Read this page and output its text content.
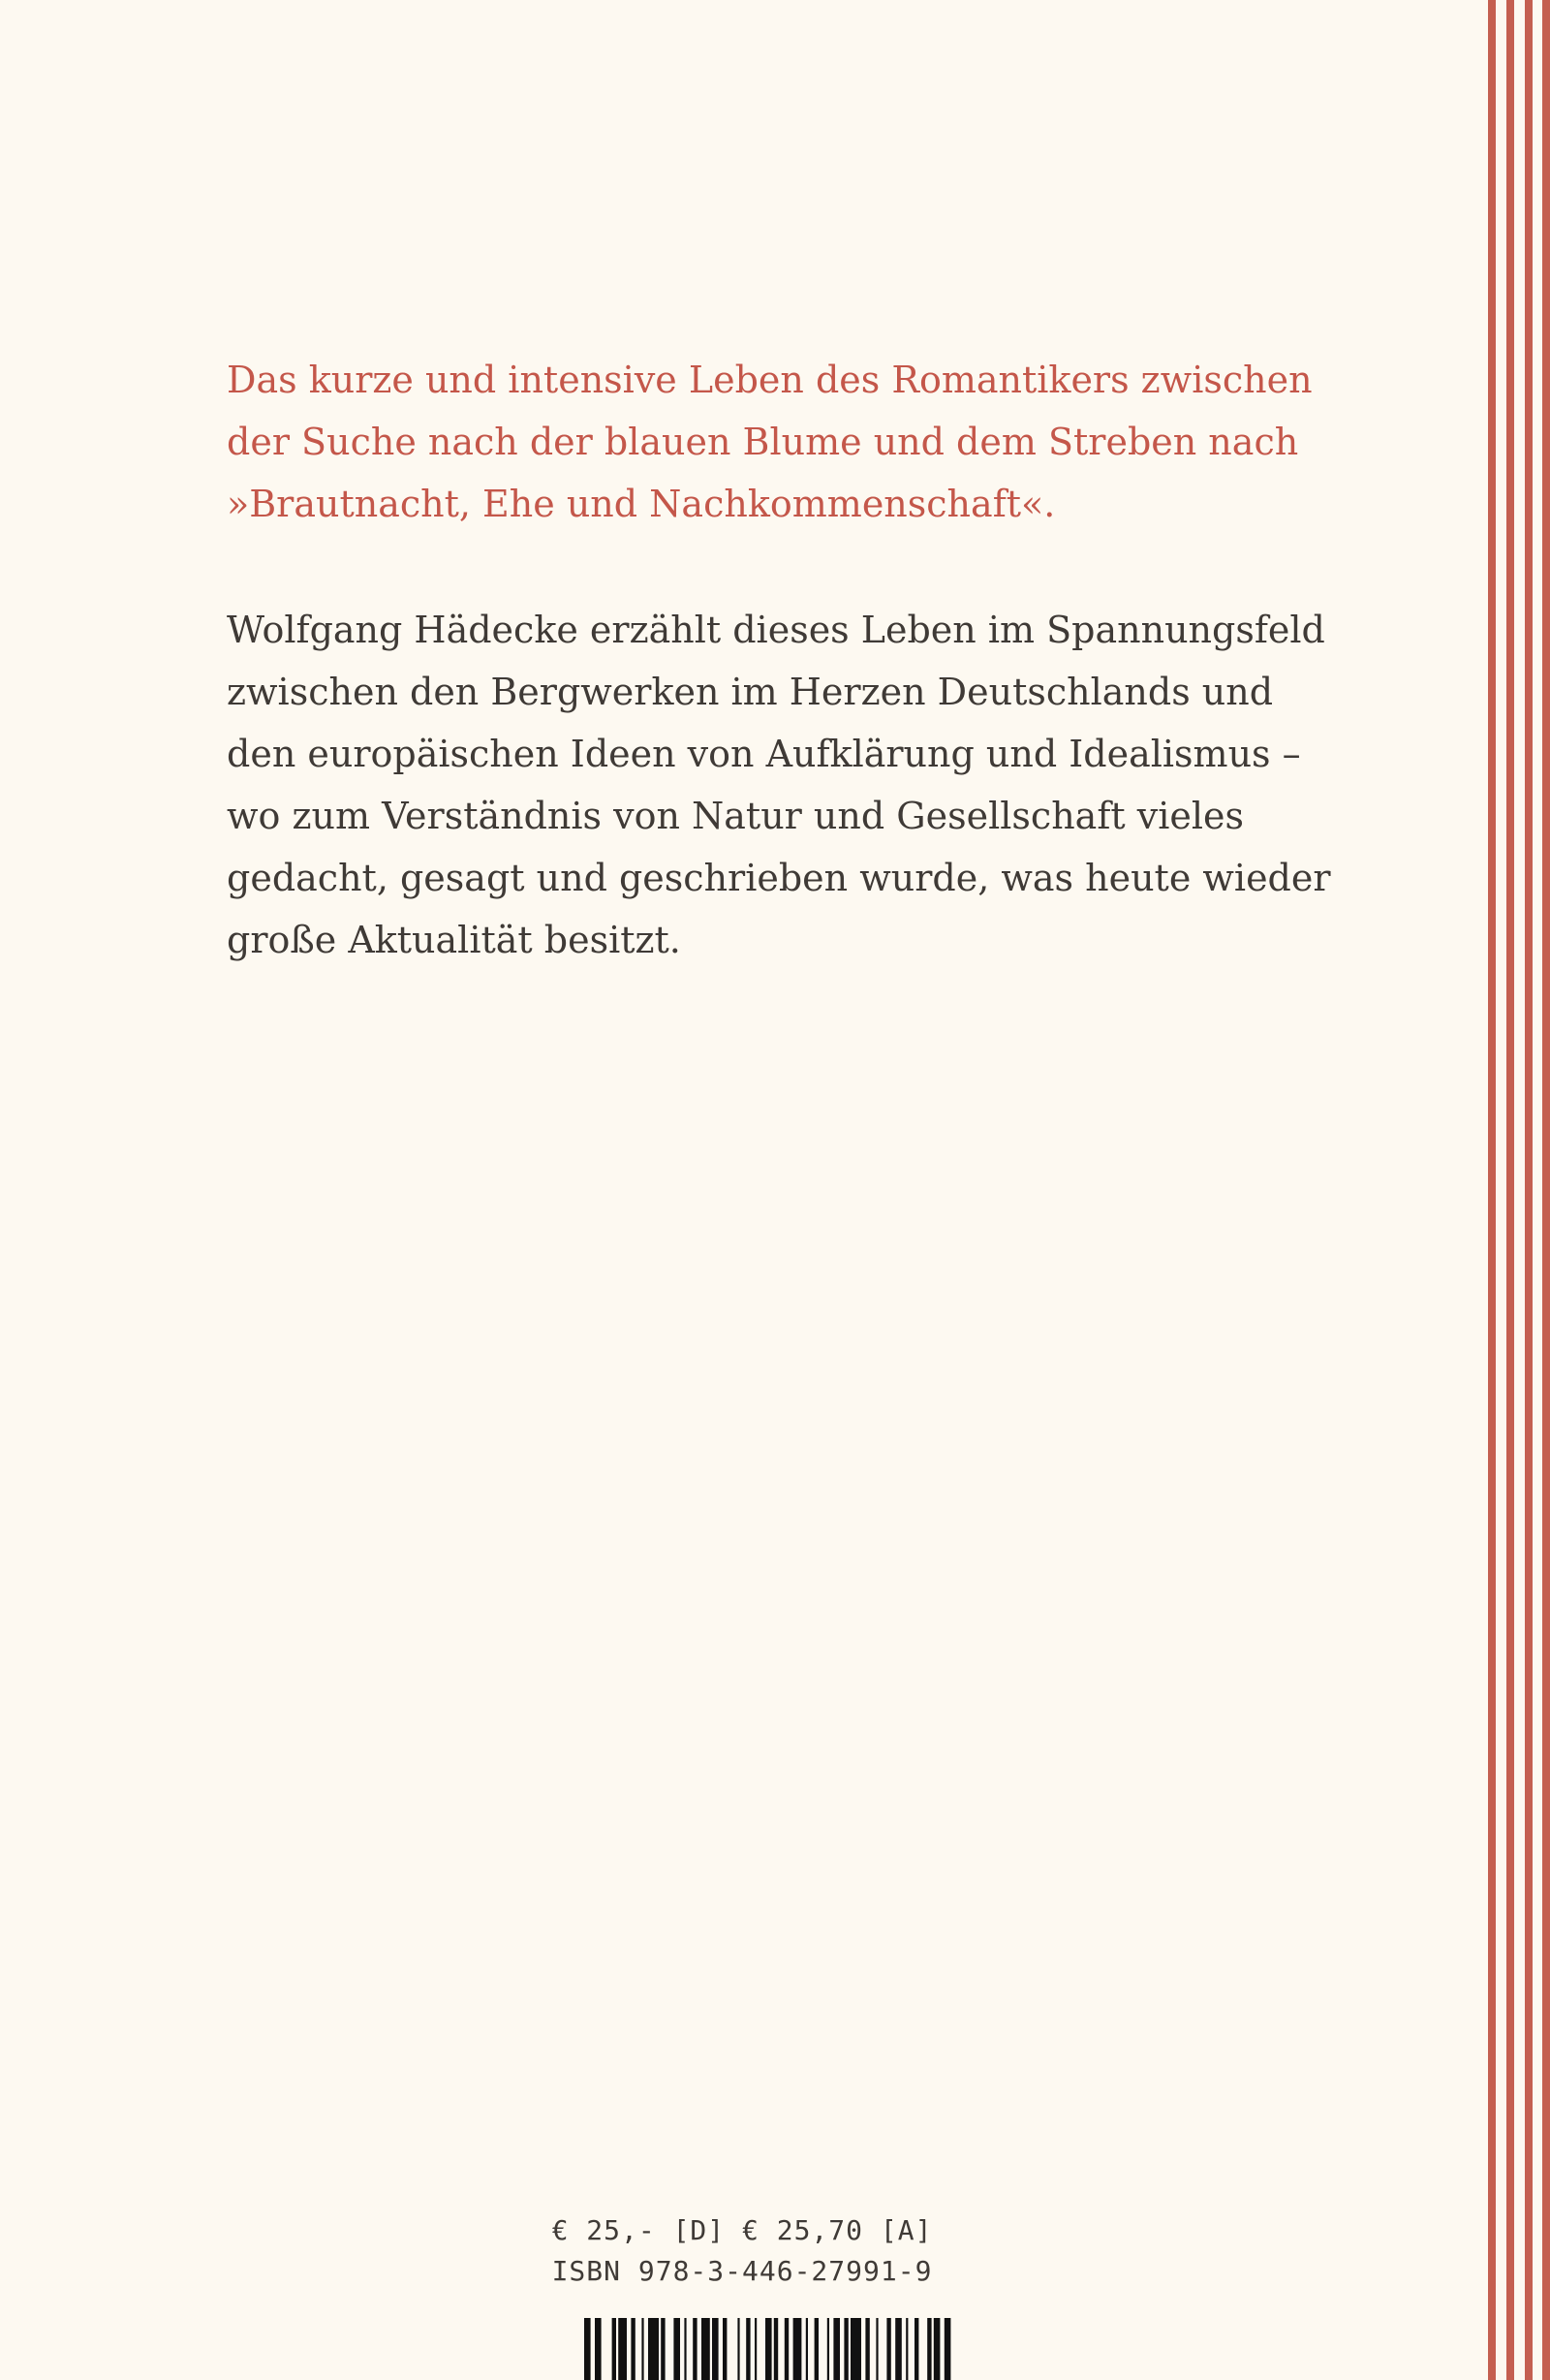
Das kurze und intensive Leben des Romantikers zwischen
der Suche nach der blauen Blume und dem Streben nach
»Brautnacht, Ehe und Nachkommenschaft«.

Wolfgang Hädecke erzählt dieses Leben im Spannungsfeld
zwischen den Bergwerken im Herzen Deutschlands und
den europäischen Ideen von Aufklärung und Idealismus –
wo zum Verständnis von Natur und Gesellschaft vieles
gedacht, gesagt und geschrieben wurde, was heute wieder
große Aktualität besitzt.

€ 25,- [D] € 25,70 [A]
ISBN 978-3-446-27991-9
